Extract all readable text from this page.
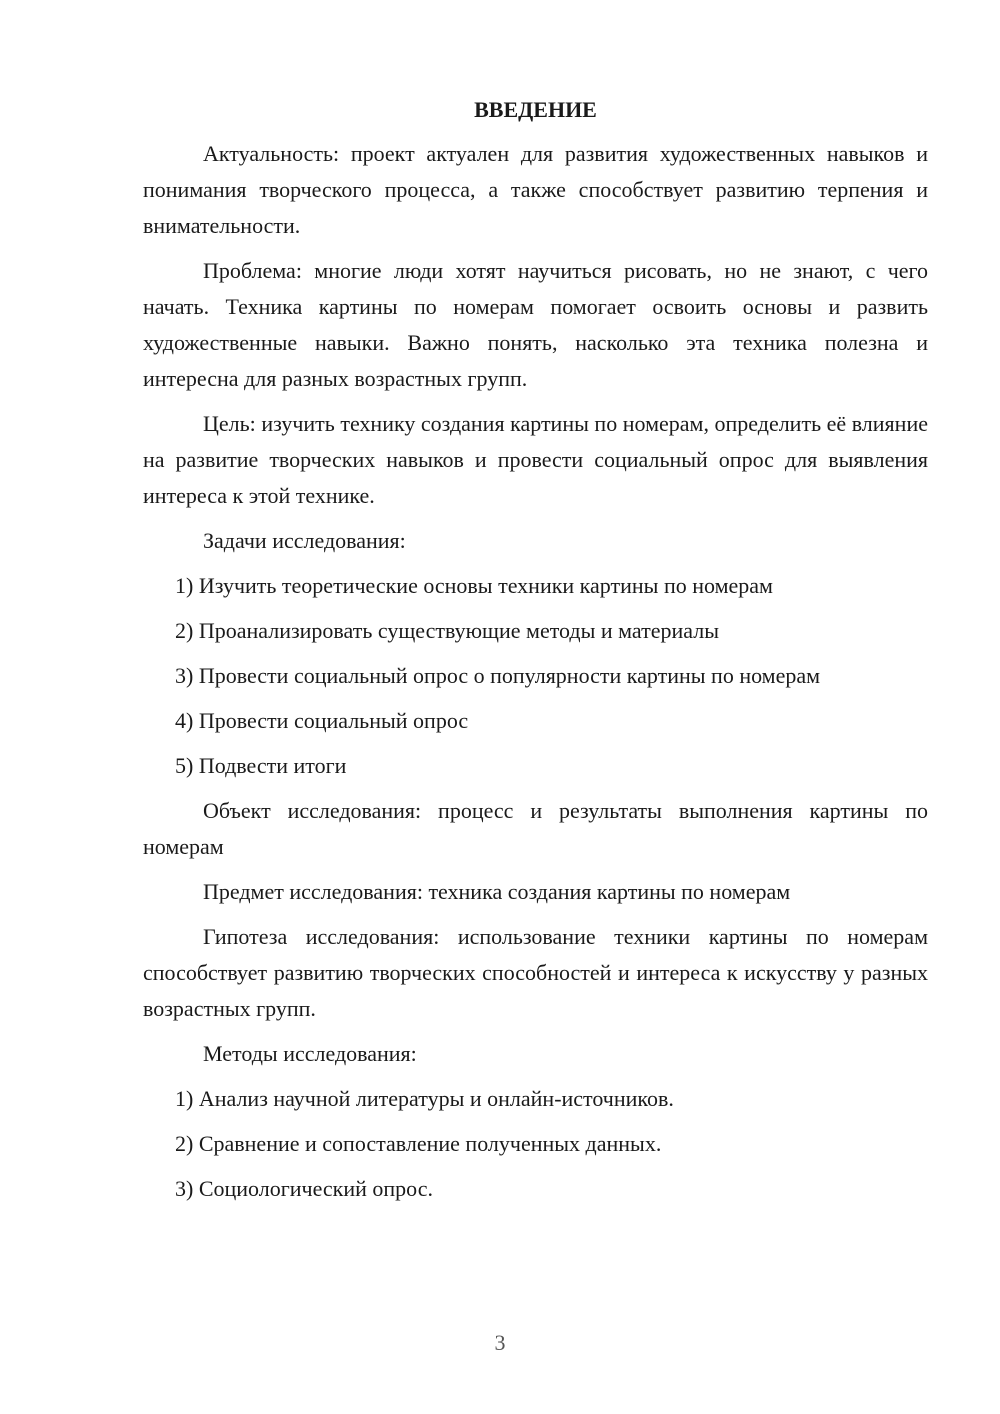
ВВЕДЕНИЕ

Актуальность: проект актуален для развития художественных навыков и понимания творческого процесса, а также способствует развитию терпения и внимательности.

Проблема: многие люди хотят научиться рисовать, но не знают, с чего начать. Техника картины по номерам помогает освоить основы и развить художественные навыки. Важно понять, насколько эта техника полезна и интересна для разных возрастных групп.

Цель: изучить технику создания картины по номерам, определить её влияние на развитие творческих навыков и провести социальный опрос для выявления интереса к этой технике.

Задачи исследования:

1) Изучить теоретические основы техники картины по номерам
2) Проанализировать существующие методы и материалы
3) Провести социальный опрос о популярности картины по номерам
4) Провести социальный опрос
5) Подвести итоги

Объект исследования: процесс и результаты выполнения картины по номерам

Предмет исследования: техника создания картины по номерам

Гипотеза исследования: использование техники картины по номерам способствует развитию творческих способностей и интереса к искусству у разных возрастных групп.

Методы исследования:

1) Анализ научной литературы и онлайн-источников.
2) Сравнение и сопоставление полученных данных.
3) Социологический опрос.
3
